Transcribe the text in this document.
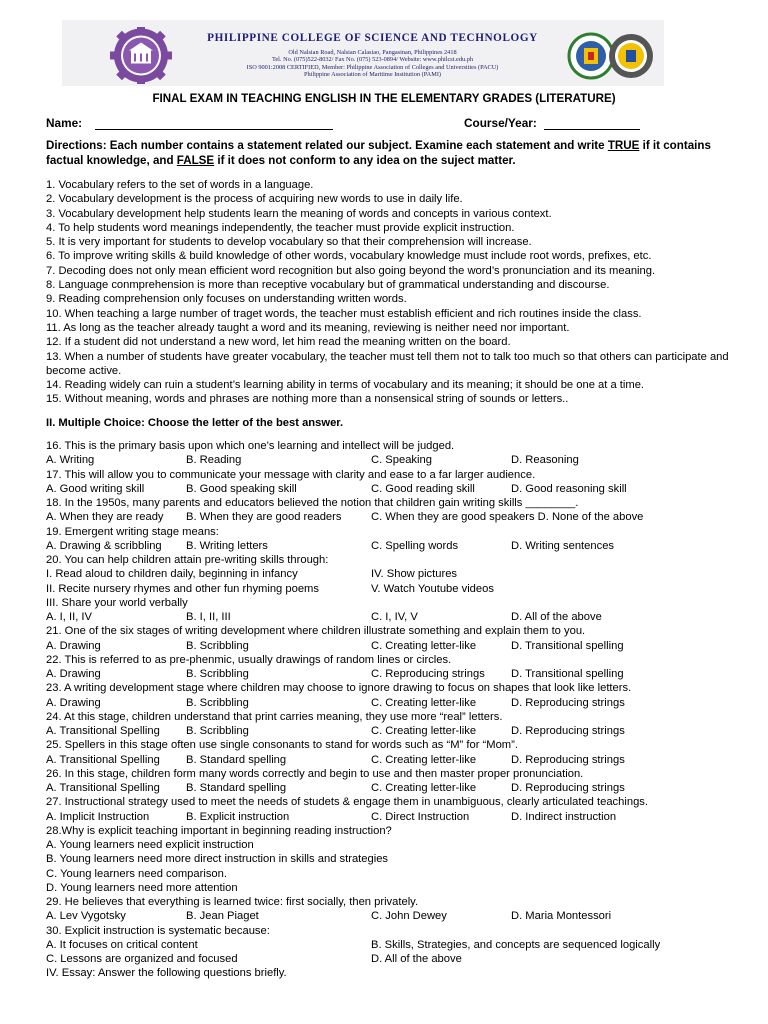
PHILIPPINE COLLEGE OF SCIENCE AND TECHNOLOGY
Old Nalsian Road, Nalsian Calasiao, Pangasinan, Philippines 2418
Tel. No. (075)522-8032/ Fax No. (075) 523-0894/ Website: www.philcst.edu.ph
ISO 9001:2008 CERTIFIED, Member: Philippine Association of Colleges and Universities (PACU)
Philippine Association of Maritime Institution (PAMI)
FINAL EXAM IN TEACHING ENGLISH IN THE ELEMENTARY GRADES (LITERATURE)
Name:	Course/Year:
Directions: Each number contains a statement related our subject. Examine each statement and write TRUE if it contains factual knowledge, and FALSE if it does not conform to any idea on the suject matter.
1. Vocabulary refers to the set of words in a language.
2. Vocabulary development is the process of acquiring new words to use in daily life.
3. Vocabulary development help students learn the meaning of words and concepts in various context.
4. To help students word meanings independently, the teacher must provide explicit instruction.
5. It is very important for students to develop vocabulary so that their comprehension will increase.
6. To improve writing skills & build knowledge of other words, vocabulary knowledge must include root words, prefixes, etc.
7. Decoding does not only mean efficient word recognition but also going beyond the word’s pronunciation and its meaning.
8. Language conmprehension is more than receptive vocabulary but of grammatical understanding and discourse.
9. Reading comprehension only focuses on understanding written words.
10. When teaching a large number of traget words, the teacher must establish efficient and rich routines inside the class.
11. As long as the teacher already taught a word and its meaning, reviewing is neither need nor important.
12. If a student did not understand a new word, let him read the meaning written on the board.
13. When a number of students have greater vocabulary, the teacher must tell them not to talk too much so that others can participate and become active.
14. Reading widely can ruin a student’s learning ability in terms of vocabulary and its meaning; it should be one at a time.
15. Without meaning, words and phrases are nothing more than a nonsensical string of sounds or letters..
II. Multiple Choice: Choose the letter of the best answer.
16. This is the primary basis upon which one’s learning and intellect will be judged.
A. Writing	B. Reading	C. Speaking	D. Reasoning
17. This will allow you to communicate your message with clarity and ease to a far larger audience.
A. Good writing skill	B. Good speaking skill	C. Good reading skill	D. Good reasoning skill
18. In the 1950s, many parents and educators believed the notion that children gain writing skills ________.
A. When they are ready B. When they are good readers	C. When they are good speakers D. None of the above
19. Emergent writing stage means:
A. Drawing & scribbling B. Writing letters	C. Spelling words	D. Writing sentences
20. You can help children attain pre-writing skills through:
I. Read aloud to children daily, beginning in infancy	IV. Show pictures
II. Recite nursery rhymes and other fun rhyming poems	V. Watch Youtube videos
III. Share your world verbally
A. I, II, IV	B. I, II, III	C. I, IV, V	D. All of the above
21. One of the six stages of writing development where children illustrate something and explain them to you.
A. Drawing	B. Scribbling	C. Creating letter-like	D. Transitional spelling
22. This is referred to as pre-phenmic, usually drawings of random lines or circles.
A. Drawing	B. Scribbling	C. Reproducing strings D. Transitional spelling
23. A writing development stage where children may choose to ignore drawing to focus on shapes that look like letters.
A. Drawing	B. Scribbling	C. Creating letter-like	D. Reproducing strings
24. At this stage, children understand that print carries meaning, they use more “real” letters.
A. Transitional Spelling B. Scribbling	C. Creating letter-like	D. Reproducing strings
25. Spellers in this stage often use single consonants to stand for words such as “M” for “Mom”.
A. Transitional Spelling B. Standard spelling	C. Creating letter-like	D. Reproducing strings
26. In this stage, children form many words correctly and begin to use and then master proper pronunciation.
A. Transitional Spelling B. Standard spelling	C. Creating letter-like	D. Reproducing strings
27. Instructional strategy used to meet the needs of studets & engage them in unambiguous, clearly articulated teachings.
A. Implicit Instruction	B. Explicit instruction	C. Direct Instruction	D. Indirect instruction
28.Why is explicit teaching important in beginning reading instruction?
A. Young learners need explicit instruction
B. Young learners need more direct instruction in skills and strategies
C. Young learners need comparison.
D. Young learners need more attention
29. He believes that everything is learned twice: first socially, then privately.
A. Lev Vygotsky	B. Jean Piaget	C. John Dewey	D. Maria Montessori
30. Explicit instruction is systematic because:
A. It focuses on critical content	B. Skills, Strategies, and concepts are sequenced logically
C. Lessons are organized and focused	D. All of the above
IV. Essay: Answer the following questions briefly.
